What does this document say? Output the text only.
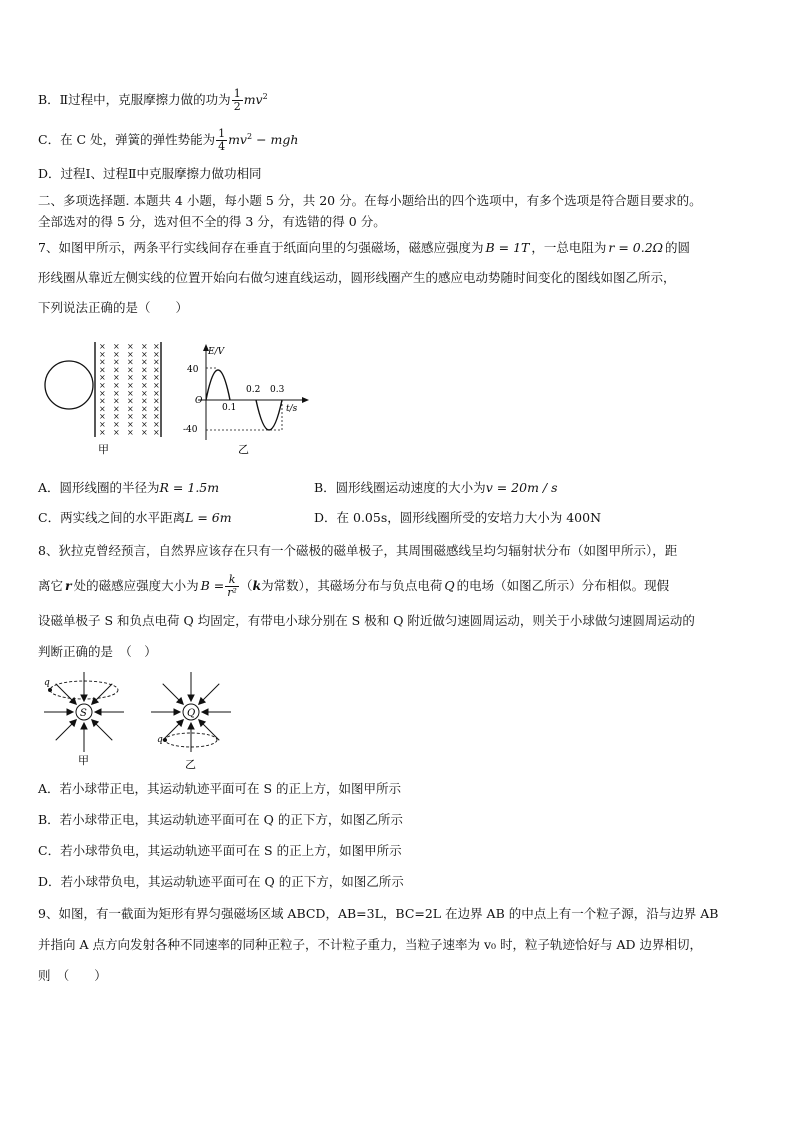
B．Ⅱ过程中，克服摩擦力做的功为 $\frac{1}{2} mv^2$
C．在 C 处，弹簧的弹性势能为 $\frac{1}{4} mv^2$ − mgh
D．过程Ⅰ、过程Ⅱ中克服摩擦力做功相同
二、多项选择题. 本题共 4 小题，每小题 5 分，共 20 分。在每小题给出的四个选项中，有多个选项是符合题目要求的。
全部选对的得 5 分，选对但不全的得 3 分，有选错的得 0 分。
7、如图甲所示，两条平行实线间存在垂直于纸面向里的匀强磁场，磁感应强度为 B = 1T ，一总电阻为 r = 0.2Ω 的圆
形线圈从靠近左侧实线的位置开始向右做匀速直线运动，圆形线圈产生的感应电动势随时间变化的图线如图乙所示，
下列说法正确的是（　　）
× × × × ×
× × × × ×
× × × × ×
× × × × ×
× × × × ×
× × × × ×
× × × × ×
× × × × ×
× × × × ×
× × × × ×
× × × × ×
× × × × ×
甲
E/V
t/s
O
40
-40
0.1
0.2 0.3
乙
A．圆形线圈的半径为R = 1.5m	B．圆形线圈运动速度的大小为v = 20m / s
C．两实线之间的水平距离L = 6m	D．在 0.05s，圆形线圈所受的安培力大小为 400N
8、狄拉克曾经预言，自然界应该存在只有一个磁极的磁单极子，其周围磁感线呈均匀辐射状分布（如图甲所示），距
离它 r 处的磁感应强度大小为 $B = \frac{k}{\text{r²}} (k$为常数），其磁场分布与负点电荷 Q 的电场（如图乙所示）分布相似。现假
设磁单极子 S 和负点电荷 Q 均固定，有带电小球分别在 S 极和 Q 附近做匀速圆周运动，则关于小球做匀速圆周运动的
判断正确的是　（　）
q
S
甲
Q
q
乙
A．若小球带正电，其运动轨迹平面可在 S 的正上方，如图甲所示
B．若小球带正电，其运动轨迹平面可在 Q 的正下方，如图乙所示
C．若小球带负电，其运动轨迹平面可在 S 的正上方，如图甲所示
D．若小球带负电，其运动轨迹平面可在 Q 的正下方，如图乙所示
9、如图，有一截面为矩形有界匀强磁场区域 ABCD，AB=3L，BC=2L 在边界 AB 的中点上有一个粒子源，沿与边界 AB
并指向 A 点方向发射各种不同速率的同种正粒子，不计粒子重力，当粒子速率为 v₀ 时，粒子轨迹恰好与 AD 边界相切，
则　（　　）
